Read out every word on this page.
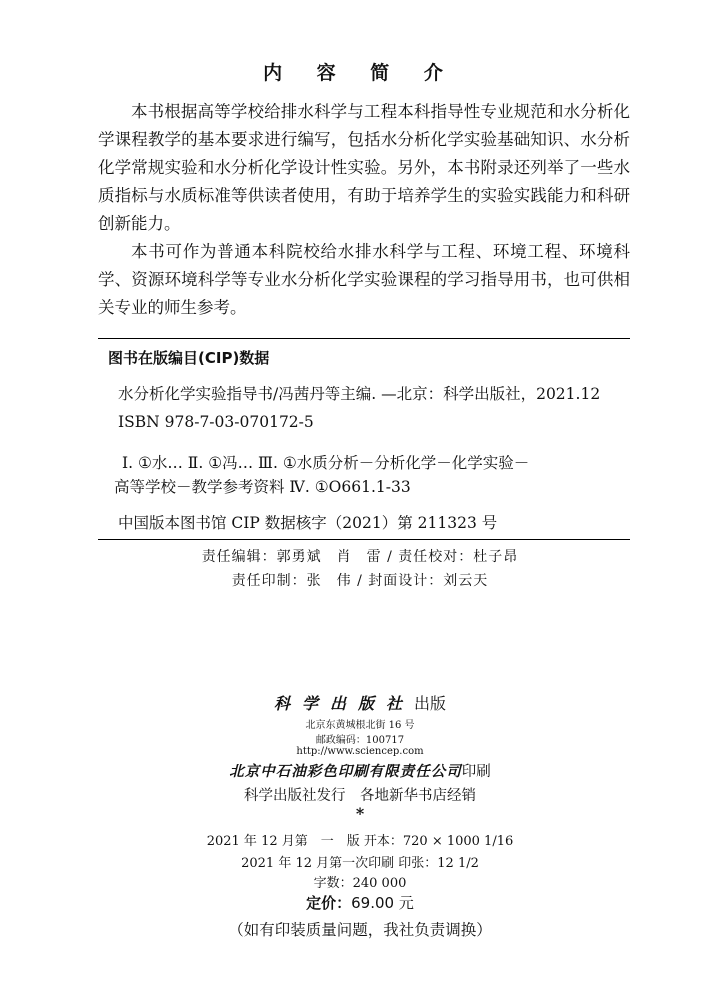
内 容 简 介

本书根据高等学校给排水科学与工程本科指导性专业规范和水分析化学课程教学的基本要求进行编写，包括水分析化学实验基础知识、水分析化学常规实验和水分析化学设计性实验。另外，本书附录还列举了一些水质指标与水质标准等供读者使用，有助于培养学生的实验实践能力和科研创新能力。

本书可作为普通本科院校给水排水科学与工程、环境工程、环境科学、资源环境科学等专业水分析化学实验课程的学习指导用书，也可供相关专业的师生参考。

图书在版编目(CIP)数据
水分析化学实验指导书/冯茜丹等主编. —北京：科学出版社，2021.12
ISBN 978-7-03-070172-5
Ⅰ. ①水… Ⅱ. ①冯… Ⅲ. ①水质分析－分析化学－化学实验－
高等学校－教学参考资料 Ⅳ. ①O661.1-33
中国版本图书馆 CIP 数据核字（2021）第 211323 号
责任编辑：郭勇斌　肖　雷 / 责任校对：杜子昂
责任印制：张　伟 / 封面设计：刘云天
科学出版社出版
北京东黄城根北街 16 号
邮政编码：100717
http://www.sciencep.com
北京中石油彩色印刷有限责任公司印刷
科学出版社发行　各地新华书店经销
*
2021 年 12 月第　一　版 开本：720 × 1000 1/16
2021 年 12 月第一次印刷 印张：12 1/2
字数：240 000
定价：69.00 元
（如有印装质量问题，我社负责调换）
